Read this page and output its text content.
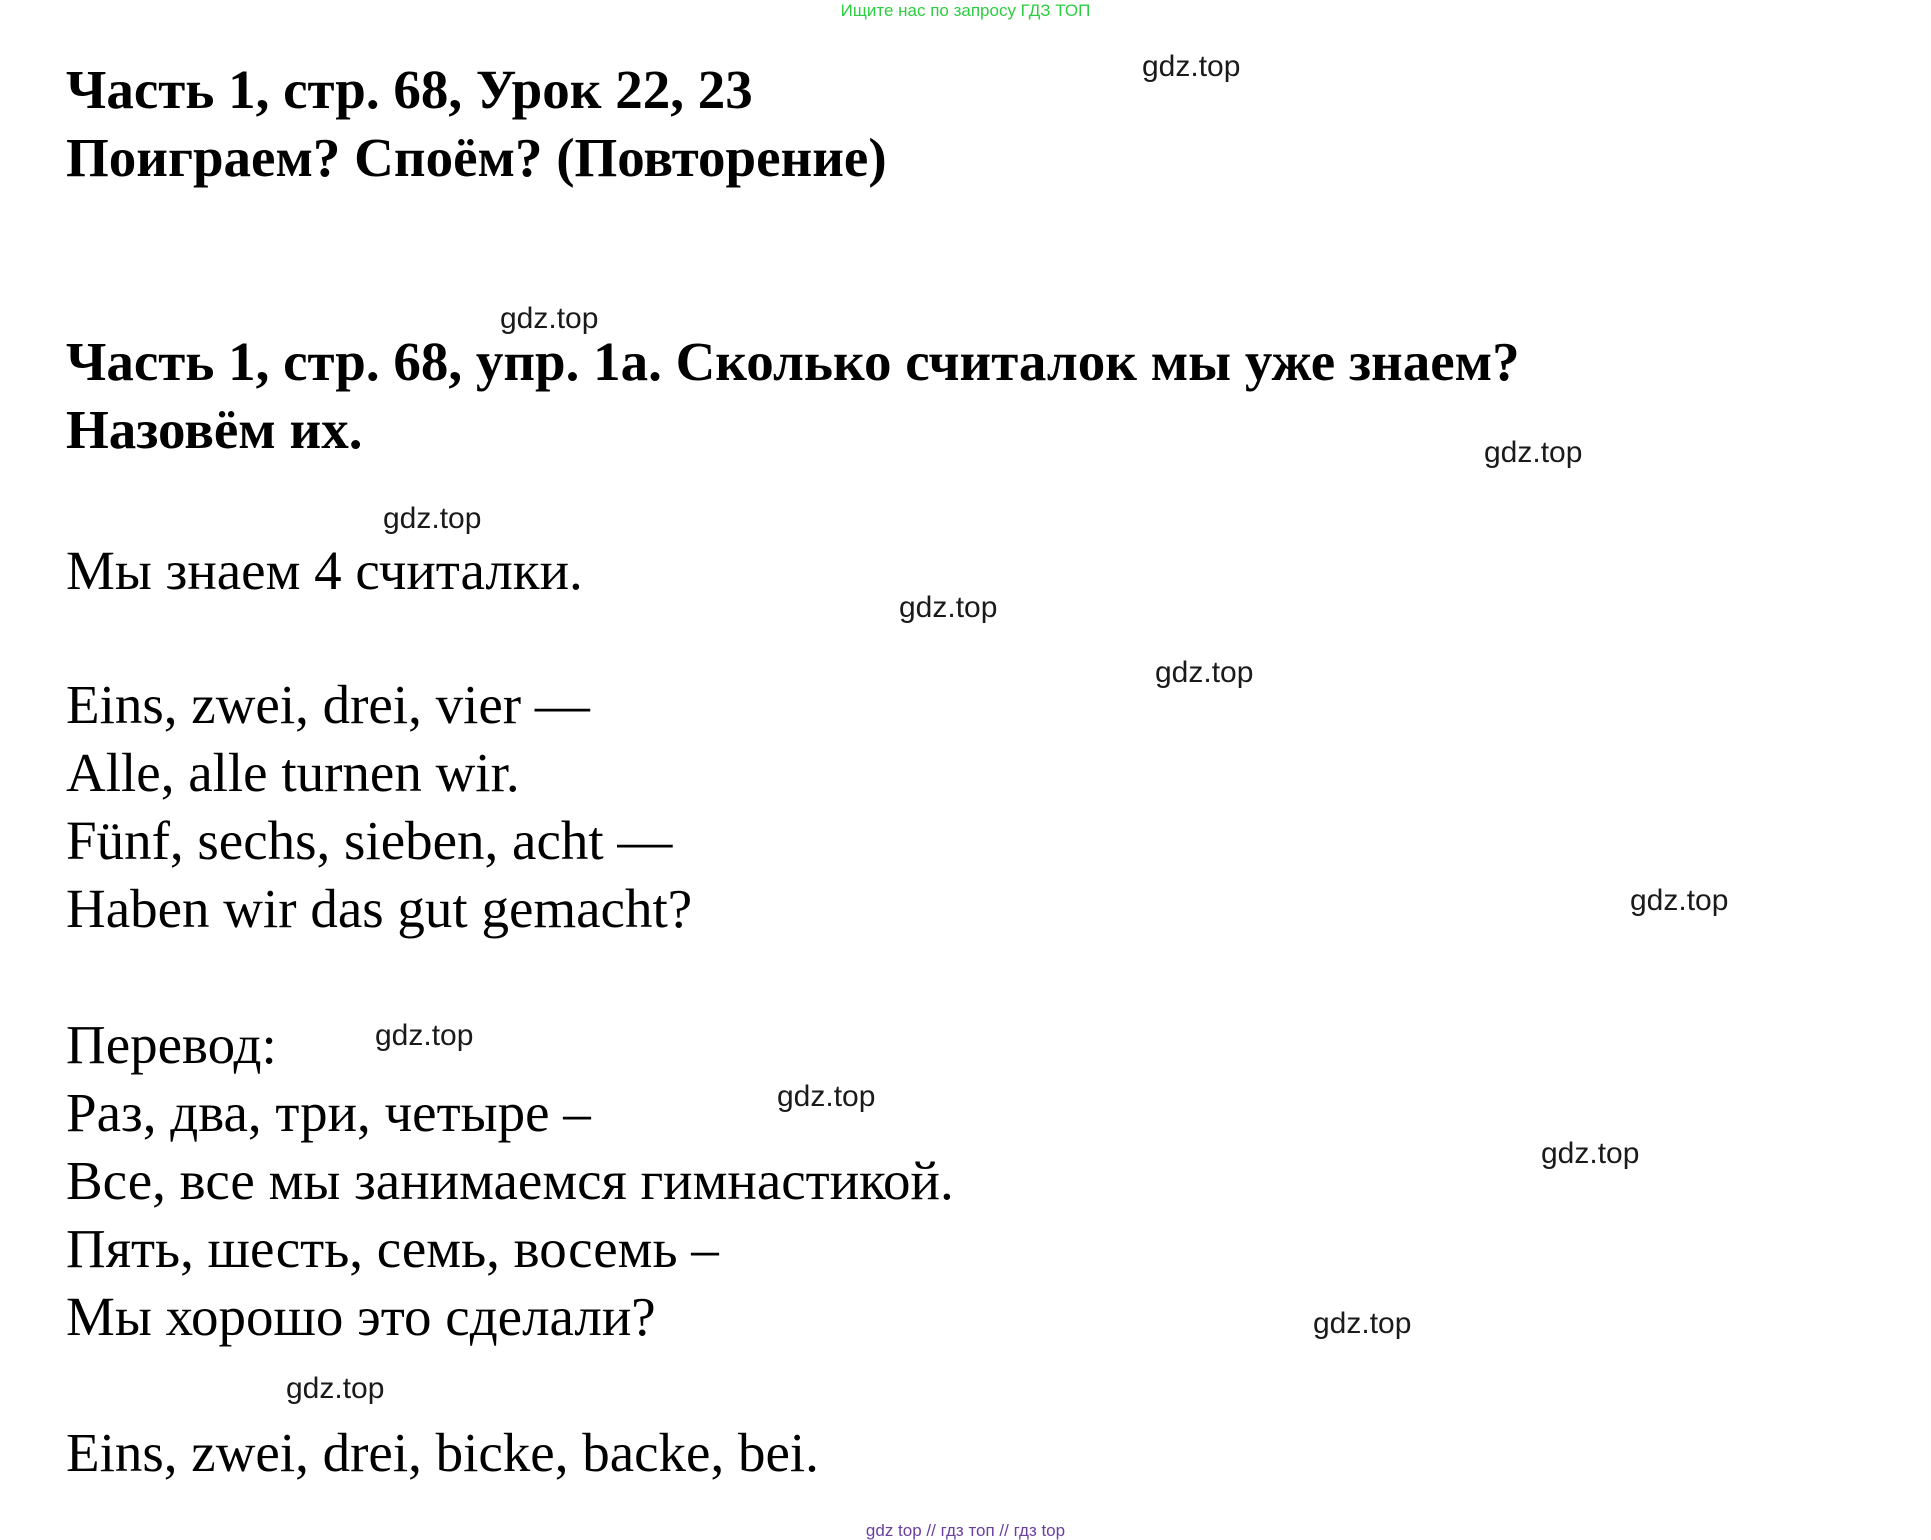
Ищите нас по запросу ГДЗ ТОП
Часть 1, стр. 68, Урок 22, 23
Поиграем? Споём? (Повторение)
Часть 1, стр. 68, упр. 1a. Сколько считалок мы уже знаем?
Назовём их.
Мы знаем 4 считалки.
Eins, zwei, drei, vier —
Alle, alle turnen wir.
Fünf, sechs, sieben, acht —
Haben wir das gut gemacht?
Перевод:
Раз, два, три, четыре –
Все, все мы занимаемся гимнастикой.
Пять, шесть, семь, восемь –
Мы хорошо это сделали?
Eins, zwei, drei, bicke, backe, bei.
gdz.top
gdz.top
gdz.top
gdz.top
gdz.top
gdz.top
gdz.top
gdz.top
gdz.top
gdz.top
gdz.top
gdz.top
gdz top // гдз топ // гдз top
